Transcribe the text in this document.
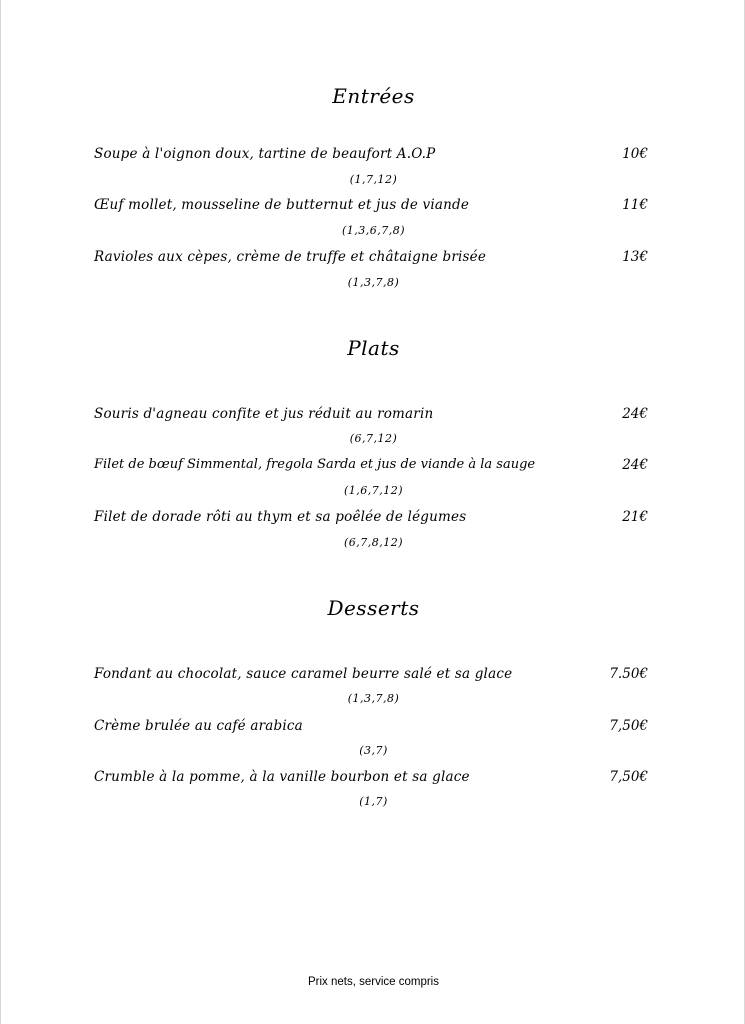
Entrées
Soupe à l'oignon doux, tartine de beaufort A.O.P	10€
(1,7,12)
Œuf mollet, mousseline de butternut et jus de viande	11€
(1,3,6,7,8)
Ravioles aux cèpes, crème de truffe et châtaigne brisée	13€
(1,3,7,8)
Plats
Souris d'agneau confite et jus réduit au romarin	24€
(6,7,12)
Filet de bœuf Simmental, fregola Sarda et jus de viande à la sauge	24€
(1,6,7,12)
Filet de dorade rôti au thym et sa poêlée de légumes	21€
(6,7,8,12)
Desserts
Fondant au chocolat, sauce caramel beurre salé et sa glace	7.50€
(1,3,7,8)
Crème brulée au café arabica	7,50€
(3,7)
Crumble à la pomme, à la vanille bourbon et sa glace	7,50€
(1,7)
Prix nets, service compris
